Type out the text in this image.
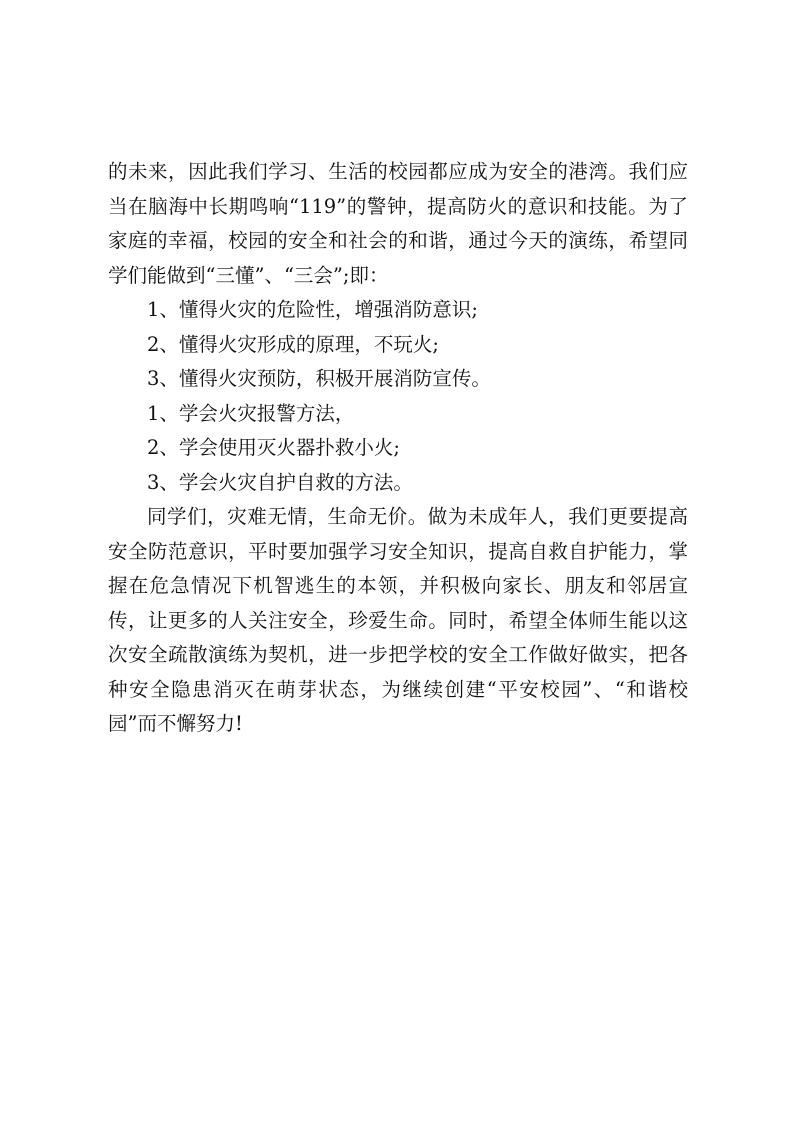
的未来，因此我们学习、生活的校园都应成为安全的港湾。我们应当在脑海中长期鸣响“119”的警钟，提高防火的意识和技能。为了家庭的幸福，校园的安全和社会的和谐，通过今天的演练，希望同学们能做到“三懂”、“三会”;即：

1、懂得火灾的危险性，增强消防意识;

2、懂得火灾形成的原理，不玩火;

3、懂得火灾预防，积极开展消防宣传。

1、学会火灾报警方法，

2、学会使用灭火器扑救小火;

3、学会火灾自护自救的方法。

同学们，灾难无情，生命无价。做为未成年人，我们更要提高安全防范意识，平时要加强学习安全知识，提高自救自护能力，掌握在危急情况下机智逃生的本领，并积极向家长、朋友和邻居宣传，让更多的人关注安全，珍爱生命。同时，希望全体师生能以这次安全疏散演练为契机，进一步把学校的安全工作做好做实，把各种安全隐患消灭在萌芽状态，为继续创建“平安校园”、“和谐校园”而不懈努力!
